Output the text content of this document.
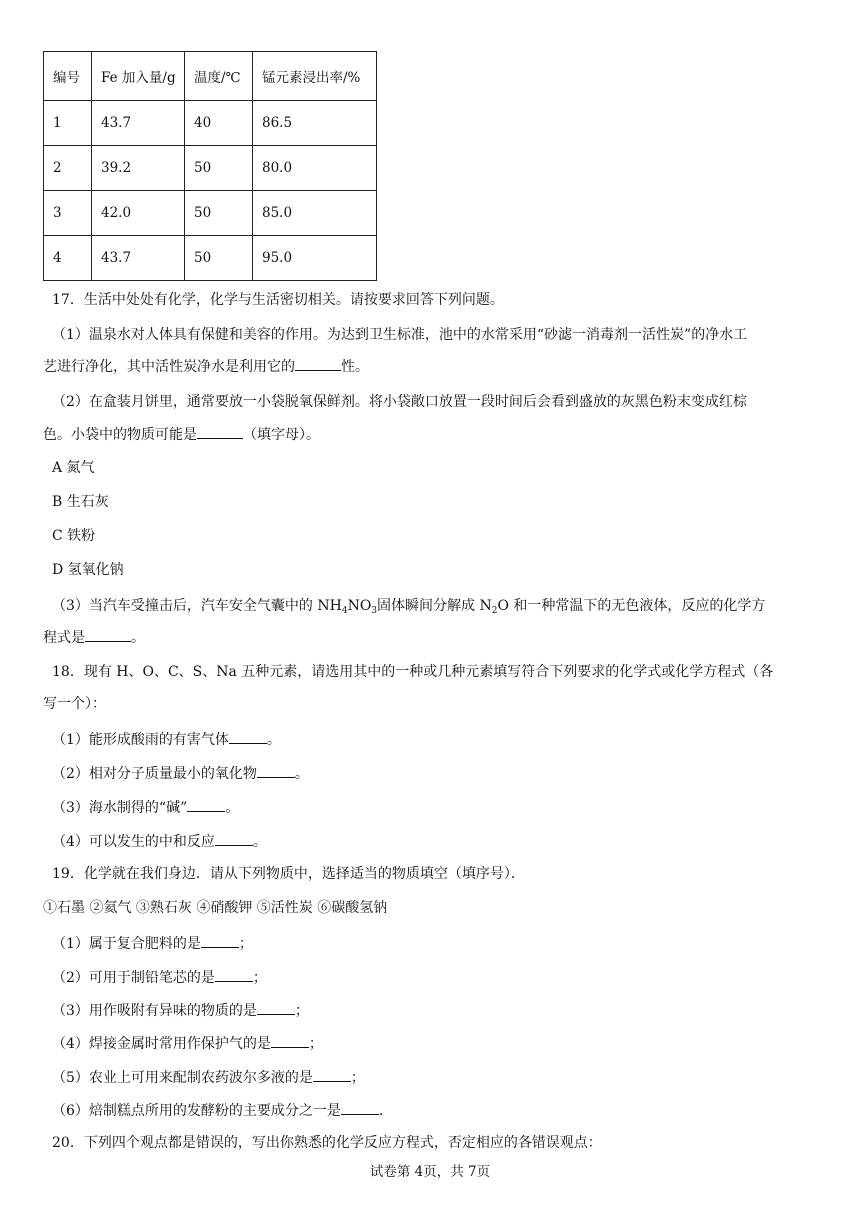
编号	Fe 加入量/g	温度/℃	锰元素浸出率/%
1	43.7	40	86.5
2	39.2	50	80.0
3	42.0	50	85.0
4	43.7	50	95.0
17．生活中处处有化学，化学与生活密切相关。请按要求回答下列问题。
（1）温泉水对人体具有保健和美容的作用。为达到卫生标准，池中的水常采用“砂滤一消毒剂一活性炭”的净水工
艺进行净化，其中活性炭净水是利用它的	性。
（2）在盒装月饼里，通常要放一小袋脱氧保鲜剂。将小袋敞口放置一段时间后会看到盛放的灰黑色粉末变成红棕
色。小袋中的物质可能是	（填字母）。
A 氮气
B 生石灰
C 铁粉
D 氢氧化钠
（3）当汽车受撞击后，汽车安全气囊中的 $NH_4NO_3$固体瞬间分解成 $N_2O$ 和一种常温下的无色液体，反应的化学方
程式是	。
18．现有 H、O、C、S、Na 五种元素，请选用其中的一种或几种元素填写符合下列要求的化学式或化学方程式（各
写一个）：
（1）能形成酸雨的有害气体	。
（2）相对分子质量最小的氧化物	。
（3）海水制得的“碱”	。
（4）可以发生的中和反应	。
19．化学就在我们身边．请从下列物质中，选择适当的物质填空（填序号）．
①石墨 ②氦气 ③熟石灰 ④硝酸钾 ⑤活性炭 ⑥碳酸氢钠
（1）属于复合肥料的是	；
（2）可用于制铅笔芯的是	；
（3）用作吸附有异味的物质的是	；
（4）焊接金属时常用作保护气的是	；
（5）农业上可用来配制农药波尔多液的是	；
（6）焙制糕点所用的发酵粉的主要成分之一是	．
20．下列四个观点都是错误的，写出你熟悉的化学反应方程式，否定相应的各错误观点：
试卷第 4页，共 7页
